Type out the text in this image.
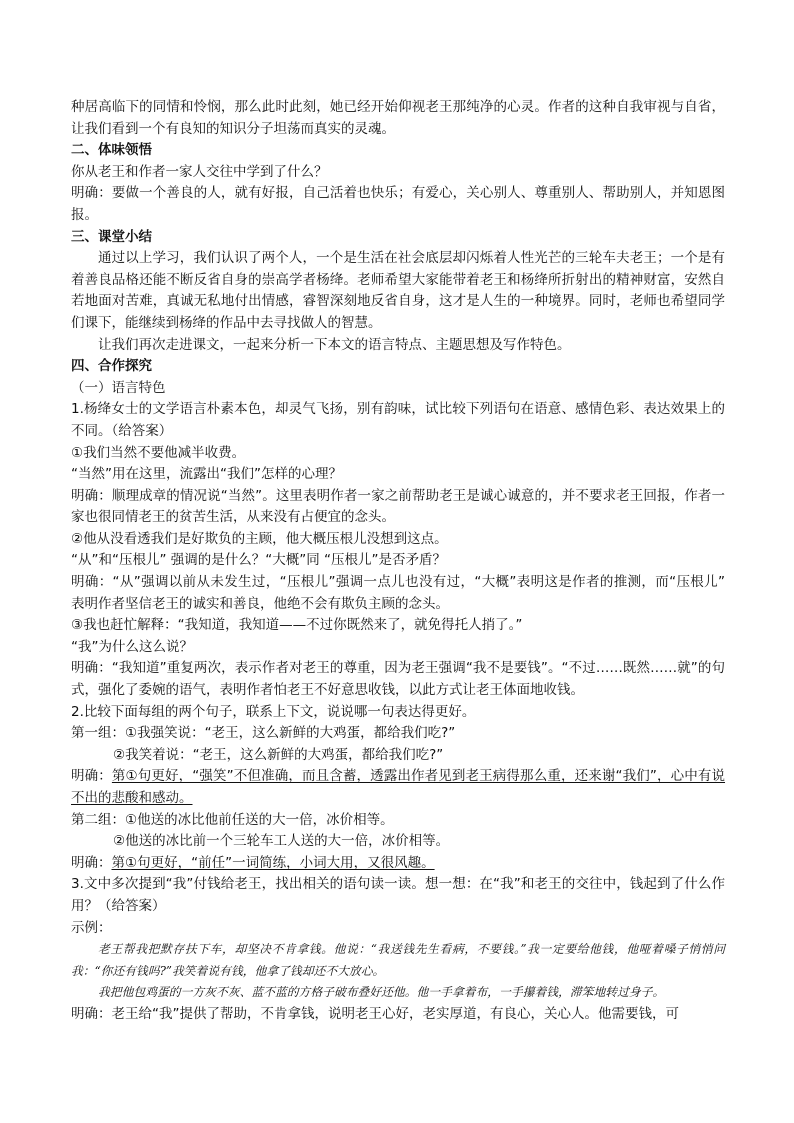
种居高临下的同情和怜悯，那么此时此刻，她已经开始仰视老王那纯净的心灵。作者的这种自我审视与自省，让我们看到一个有良知的知识分子坦荡而真实的灵魂。

二、体味领悟

你从老王和作者一家人交往中学到了什么？

明确：要做一个善良的人，就有好报，自己活着也快乐；有爱心，关心别人、尊重别人、帮助别人，并知恩图报。

三、课堂小结

通过以上学习，我们认识了两个人，一个是生活在社会底层却闪烁着人性光芒的三轮车夫老王；一个是有着善良品格还能不断反省自身的崇高学者杨绛。老师希望大家能带着老王和杨绛所折射出的精神财富，安然自若地面对苦难，真诚无私地付出情感，睿智深刻地反省自身，这才是人生的一种境界。同时，老师也希望同学们课下，能继续到杨绛的作品中去寻找做人的智慧。

让我们再次走进课文，一起来分析一下本文的语言特点、主题思想及写作特色。

四、合作探究

（一）语言特色

1.杨绛女士的文学语言朴素本色，却灵气飞扬，别有韵味，试比较下列语句在语意、感情色彩、表达效果上的不同。（给答案）

①我们当然不要他减半收费。

“当然”用在这里，流露出“我们”怎样的心理？

明确：顺理成章的情况说“当然”。这里表明作者一家之前帮助老王是诚心诚意的，并不要求老王回报，作者一家也很同情老王的贫苦生活，从来没有占便宜的念头。

②他从没看透我们是好欺负的主顾，他大概压根儿没想到这点。

“从”和“压根儿” 强调的是什么？“大概”同 “压根儿”是否矛盾？

明确：“从”强调以前从未发生过，“压根儿”强调一点儿也没有过，“大概”表明这是作者的推测，而“压根儿” 表明作者坚信老王的诚实和善良，他绝不会有欺负主顾的念头。

③我也赶忙解释：“我知道，我知道——不过你既然来了，就免得托人捎了。”

“我”为什么这么说？

明确：“我知道”重复两次，表示作者对老王的尊重，因为老王强调“我不是要钱”。“不过……既然……就”的句式，强化了委婉的语气，表明作者怕老王不好意思收钱，以此方式让老王体面地收钱。

2.比较下面每组的两个句子，联系上下文，说说哪一句表达得更好。

第一组：①我强笑说：“老王，这么新鲜的大鸡蛋，都给我们吃?”

②我笑着说：“老王，这么新鲜的大鸡蛋，都给我们吃?”

明确：第①句更好，“强笑”不但准确，而且含蓄，透露出作者见到老王病得那么重，还来谢“我们”，心中有说不出的悲酸和感动。

第二组：①他送的冰比他前任送的大一倍，冰价相等。

②他送的冰比前一个三轮车工人送的大一倍，冰价相等。

明确：第①句更好，“前任”一词简练，小词大用，又很风趣。

3.文中多次提到“我”付钱给老王，找出相关的语句读一读。想一想：在“我”和老王的交往中，钱起到了什么作用？（给答案）

示例：

老王帮我把默存扶下车，却坚决不肯拿钱。他说：“我送钱先生看病，不要钱。”我一定要给他钱，他哑着嗓子悄悄问我：“你还有钱吗?”我笑着说有钱，他拿了钱却还不大放心。

我把他包鸡蛋的一方灰不灰、蓝不蓝的方格子破布叠好还他。他一手拿着布，一手攥着钱，滞笨地转过身子。

明确：老王给“我”提供了帮助，不肯拿钱，说明老王心好，老实厚道，有良心，关心人。他需要钱，可
